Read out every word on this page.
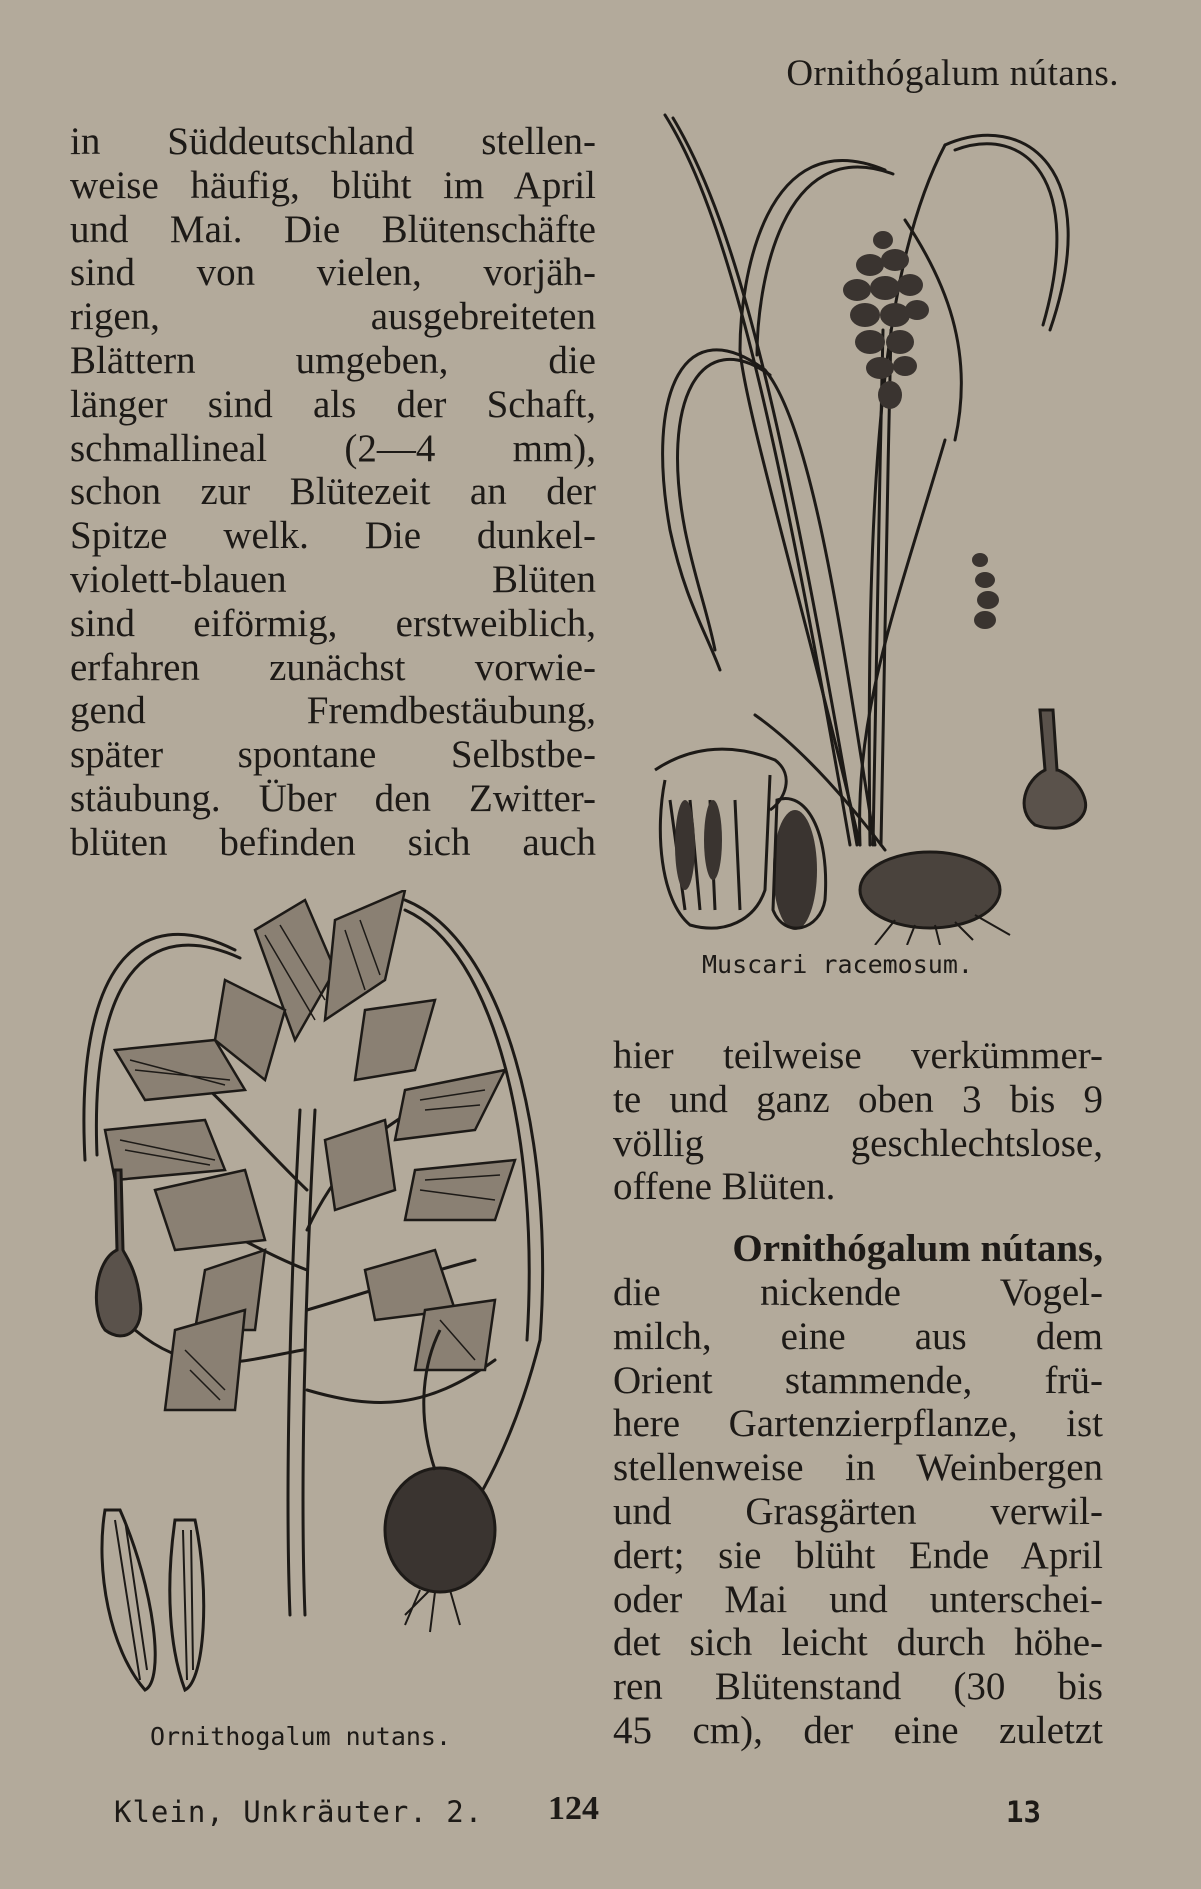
Ornithógalum nútans.
in Süddeutschland stellen-
weise häufig, blüht im April
und Mai. Die Blütenschäfte
sind von vielen, vorjäh-
rigen, ausgebreiteten
Blättern umgeben, die
länger sind als der Schaft,
schmallineal (2—4 mm),
schon zur Blütezeit an der
Spitze welk. Die dunkel-
violett-blauen Blüten
sind eiförmig, erstweiblich,
erfahren zunächst vorwie-
gend Fremdbestäubung,
später spontane Selbstbe-
stäubung. Über den Zwitter-
blüten befinden sich auch
Muscari racemosum.
Ornithogalum nutans.
hier teilweise verkümmer-
te und ganz oben 3 bis 9
völlig geschlechtslose,
offene Blüten.
Ornithógalum nútans,
die nickende Vogel-
milch, eine aus dem
Orient stammende, frü-
here Gartenzierpflanze, ist
stellenweise in Weinbergen
und Grasgärten verwil-
dert; sie blüht Ende April
oder Mai und unterschei-
det sich leicht durch höhe-
ren Blütenstand (30 bis
45 cm), der eine zuletzt
Klein, Unkräuter. 2. 124	13
